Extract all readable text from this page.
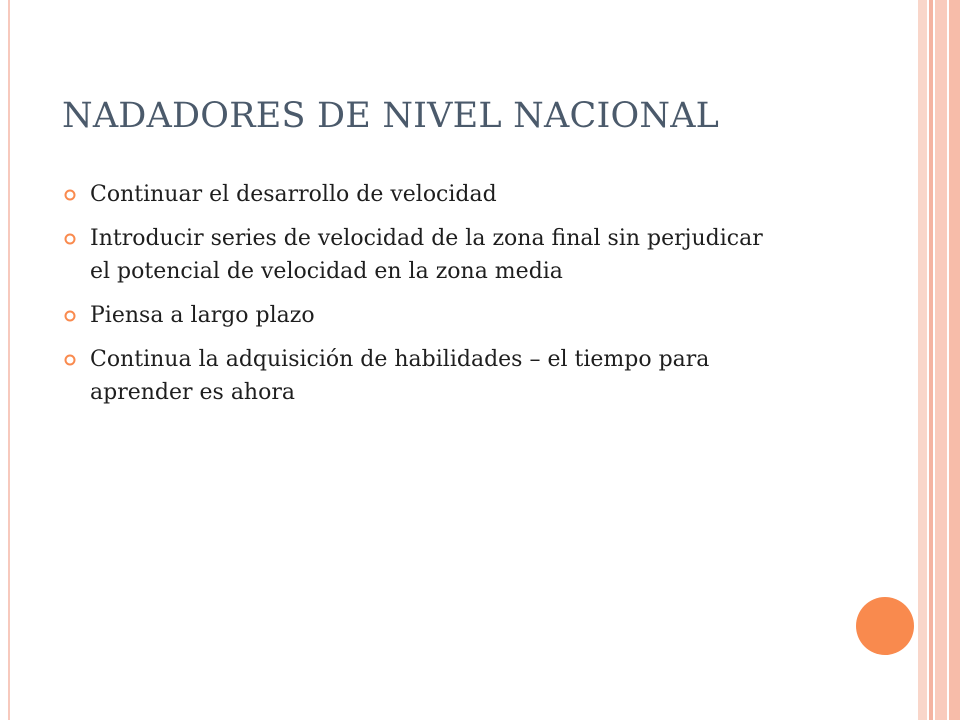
NADADORES DE NIVEL NACIONAL
Continuar el desarrollo de velocidad
Introducir series de velocidad de la zona final sin perjudicar el potencial de velocidad en la zona media
Piensa a largo plazo
Continua la adquisición de habilidades – el tiempo para aprender es ahora
